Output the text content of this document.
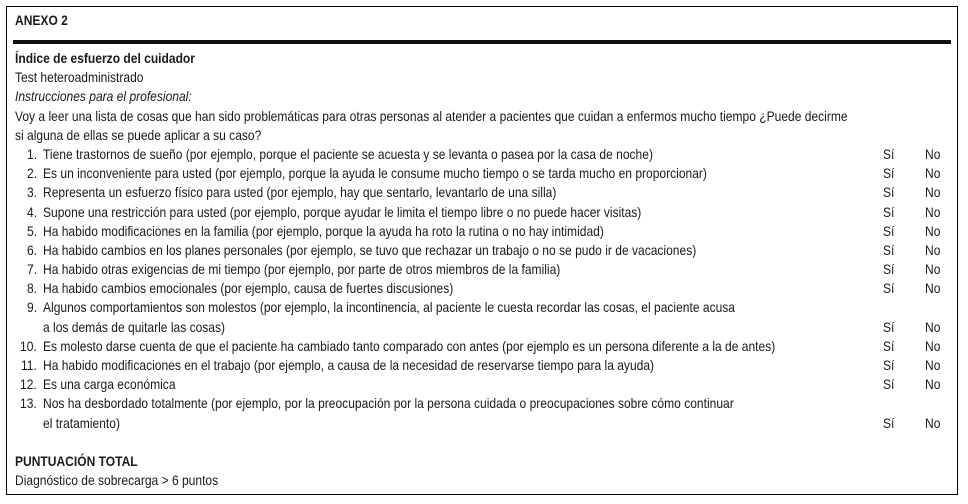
ANEXO 2
Índice de esfuerzo del cuidador
Test heteroadministrado
Instrucciones para el profesional:
Voy a leer una lista de cosas que han sido problemáticas para otras personas al atender a pacientes que cuidan a enfermos mucho tiempo ¿Puede decirme
si alguna de ellas se puede aplicar a su caso?
1. Tiene trastornos de sueño (por ejemplo, porque el paciente se acuesta y se levanta o pasea por la casa de noche)	Sí	No
2. Es un inconveniente para usted (por ejemplo, porque la ayuda le consume mucho tiempo o se tarda mucho en proporcionar)	Sí	No
3. Representa un esfuerzo físico para usted (por ejemplo, hay que sentarlo, levantarlo de una silla)	Sí	No
4. Supone una restricción para usted (por ejemplo, porque ayudar le limita el tiempo libre o no puede hacer visitas)	Sí	No
5. Ha habido modificaciones en la familia (por ejemplo, porque la ayuda ha roto la rutina o no hay intimidad)	Sí	No
6. Ha habido cambios en los planes personales (por ejemplo, se tuvo que rechazar un trabajo o no se pudo ir de vacaciones)	Sí	No
7. Ha habido otras exigencias de mi tiempo (por ejemplo, por parte de otros miembros de la familia)	Sí	No
8. Ha habido cambios emocionales (por ejemplo, causa de fuertes discusiones)	Sí	No
9. Algunos comportamientos son molestos (por ejemplo, la incontinencia, al paciente le cuesta recordar las cosas, el paciente acusa
a los demás de quitarle las cosas)	Sí	No
10. Es molesto darse cuenta de que el paciente ha cambiado tanto comparado con antes (por ejemplo es un persona diferente a la de antes)	Sí	No
11. Ha habido modificaciones en el trabajo (por ejemplo, a causa de la necesidad de reservarse tiempo para la ayuda)	Sí	No
12. Es una carga económica	Sí	No
13. Nos ha desbordado totalmente (por ejemplo, por la preocupación por la persona cuidada o preocupaciones sobre cómo continuar
el tratamiento)	Sí	No
PUNTUACIÓN TOTAL
Diagnóstico de sobrecarga > 6 puntos
